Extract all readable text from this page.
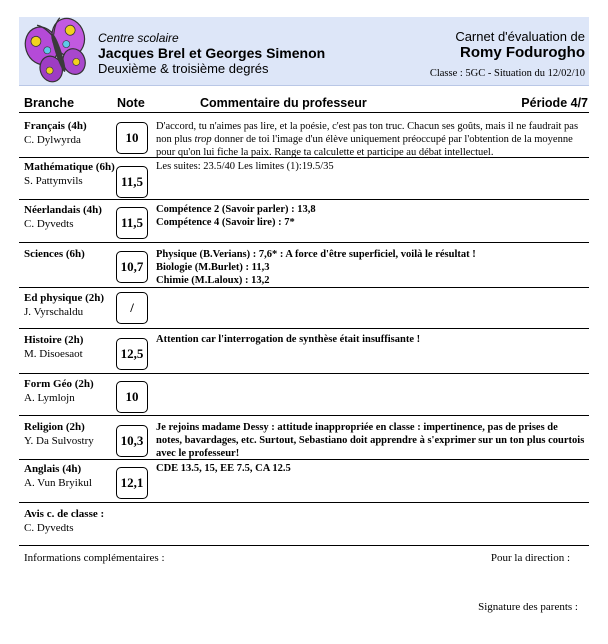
Centre scolaire
Jacques Brel et Georges Simenon
Deuxième & troisième degrés
Carnet d'évaluation de
Romy Fodurogho
Classe : 5GC - Situation du 12/02/10
Branche	Note	Commentaire du professeur	Période 4/7
Français (4h)
C. Dylwyrda	10
D'accord, tu n'aimes pas lire, et la poésie, c'est pas ton truc. Chacun ses goûts, mais il ne faudrait pas non plus trop donner de toi l'image d'un élève uniquement préoccupé par l'obtention de la moyenne pour qu'on lui fiche la paix. Range ta calculette et participe au débat intellectuel.
Mathématique (6h)
S. Pattymvils	11,5
Les suites: 23.5/40 Les limites (1):19.5/35
Néerlandais (4h)
C. Dyvedts	11,5
Compétence 2 (Savoir parler) : 13,8
Compétence 4 (Savoir lire) : 7*
Sciences (6h)
10,7
Physique (B.Verians) : 7,6* : A force d'être superficiel, voilà le résultat !
Biologie (M.Burlet) : 11,3
Chimie (M.Laloux) : 13,2
Ed physique (2h)
J. Vyrschaldu	/
Histoire (2h)
M. Disoesaot	12,5
Attention car l'interrogation de synthèse était insuffisante !
Form Géo (2h)
A. Lymlojn	10
Religion (2h)
Y. Da Sulvostry	10,3
Je rejoins madame Dessy : attitude inappropriée en classe : impertinence, pas de prises de notes, bavardages, etc. Surtout, Sebastiano doit apprendre à s'exprimer sur un ton plus courtois avec le professeur!
Anglais (4h)
A. Vun Bryikul	12,1
CDE 13.5, 15, EE 7.5, CA 12.5
Avis c. de classe :
C. Dyvedts
Informations complémentaires :	Pour la direction :
Signature des parents :
